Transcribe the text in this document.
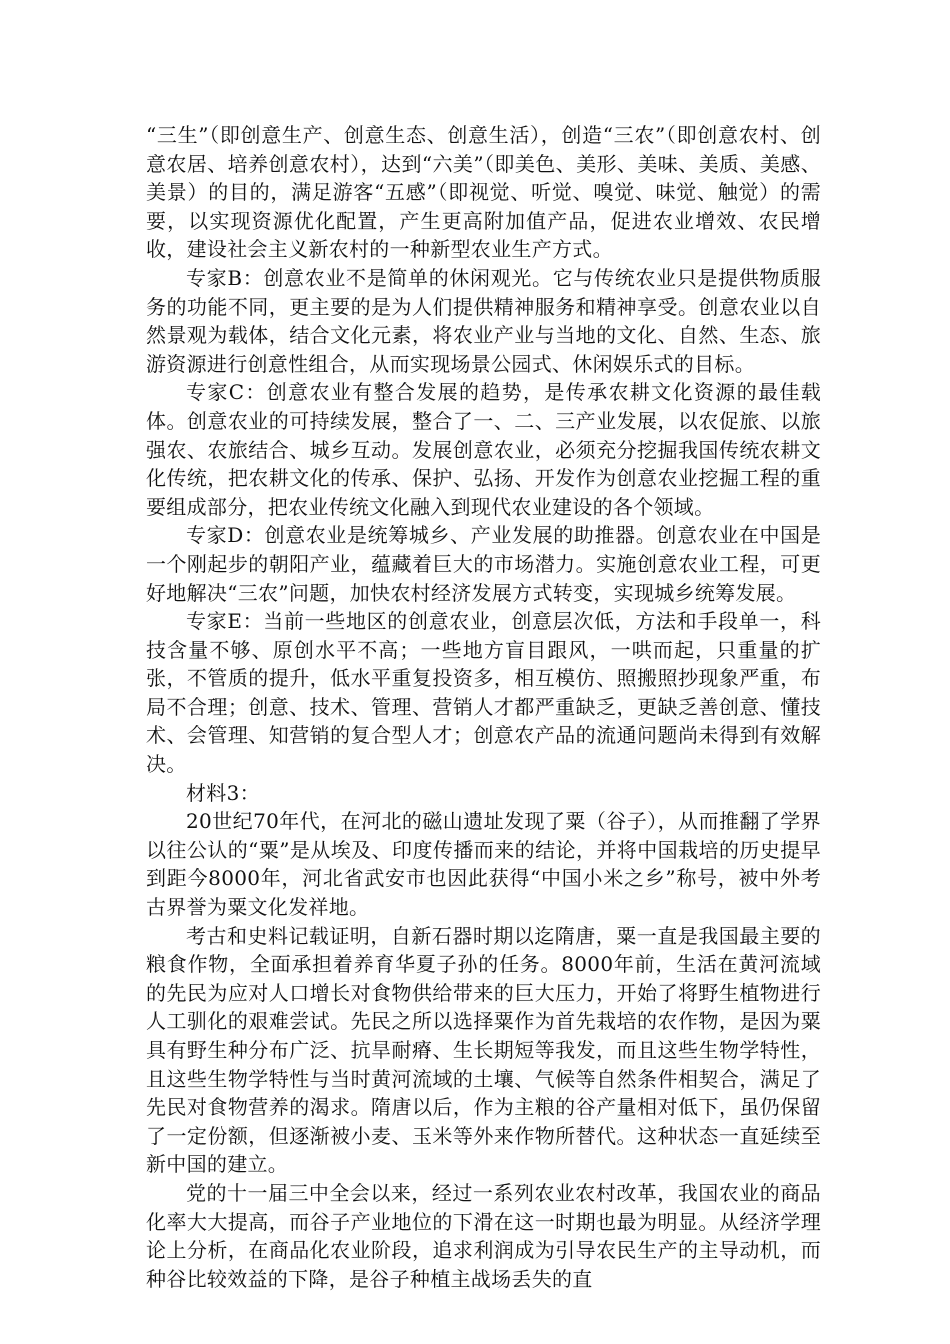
“三生”（即创意生产、创意生态、创意生活），创造“三农”（即创意农村、创意农居、培养创意农村），达到“六美”（即美色、美形、美味、美质、美感、美景）的目的，满足游客“五感”（即视觉、听觉、嗅觉、味觉、触觉）的需要，以实现资源优化配置，产生更高附加值产品，促进农业增效、农民增收，建设社会主义新农村的一种新型农业生产方式。

专家B：创意农业不是简单的休闲观光。它与传统农业只是提供物质服务的功能不同，更主要的是为人们提供精神服务和精神享受。创意农业以自然景观为载体，结合文化元素，将农业产业与当地的文化、自然、生态、旅游资源进行创意性组合，从而实现场景公园式、休闲娱乐式的目标。

专家C：创意农业有整合发展的趋势，是传承农耕文化资源的最佳载体。创意农业的可持续发展，整合了一、二、三产业发展，以农促旅、以旅强农、农旅结合、城乡互动。发展创意农业，必须充分挖掘我国传统农耕文化传统，把农耕文化的传承、保护、弘扬、开发作为创意农业挖掘工程的重要组成部分，把农业传统文化融入到现代农业建设的各个领域。

专家D：创意农业是统筹城乡、产业发展的助推器。创意农业在中国是一个刚起步的朝阳产业，蕴藏着巨大的市场潜力。实施创意农业工程，可更好地解决“三农”问题，加快农村经济发展方式转变，实现城乡统筹发展。

专家E：当前一些地区的创意农业，创意层次低，方法和手段单一，科技含量不够、原创水平不高；一些地方盲目跟风，一哄而起，只重量的扩张，不管质的提升，低水平重复投资多，相互模仿、照搬照抄现象严重，布局不合理；创意、技术、管理、营销人才都严重缺乏，更缺乏善创意、懂技术、会管理、知营销的复合型人才；创意农产品的流通问题尚未得到有效解决。

材料3：

20世纪70年代，在河北的磁山遗址发现了粟（谷子），从而推翻了学界以往公认的“粟”是从埃及、印度传播而来的结论，并将中国栽培的历史提早到距今8000年，河北省武安市也因此获得“中国小米之乡”称号，被中外考古界誉为粟文化发祥地。

考古和史料记载证明，自新石器时期以迄隋唐，粟一直是我国最主要的粮食作物，全面承担着养育华夏子孙的任务。8000年前，生活在黄河流域的先民为应对人口增长对食物供给带来的巨大压力，开始了将野生植物进行人工驯化的艰难尝试。先民之所以选择粟作为首先栽培的农作物，是因为粟具有野生种分布广泛、抗旱耐瘠、生长期短等我发，而且这些生物学特性，且这些生物学特性与当时黄河流域的土壤、气候等自然条件相契合，满足了先民对食物营养的渴求。隋唐以后，作为主粮的谷产量相对低下，虽仍保留了一定份额，但逐渐被小麦、玉米等外来作物所替代。这种状态一直延续至新中国的建立。

党的十一届三中全会以来，经过一系列农业农村改革，我国农业的商品化率大大提高，而谷子产业地位的下滑在这一时期也最为明显。从经济学理论上分析，在商品化农业阶段，追求利润成为引导农民生产的主导动机，而种谷比较效益的下降，是谷子种植主战场丢失的直
